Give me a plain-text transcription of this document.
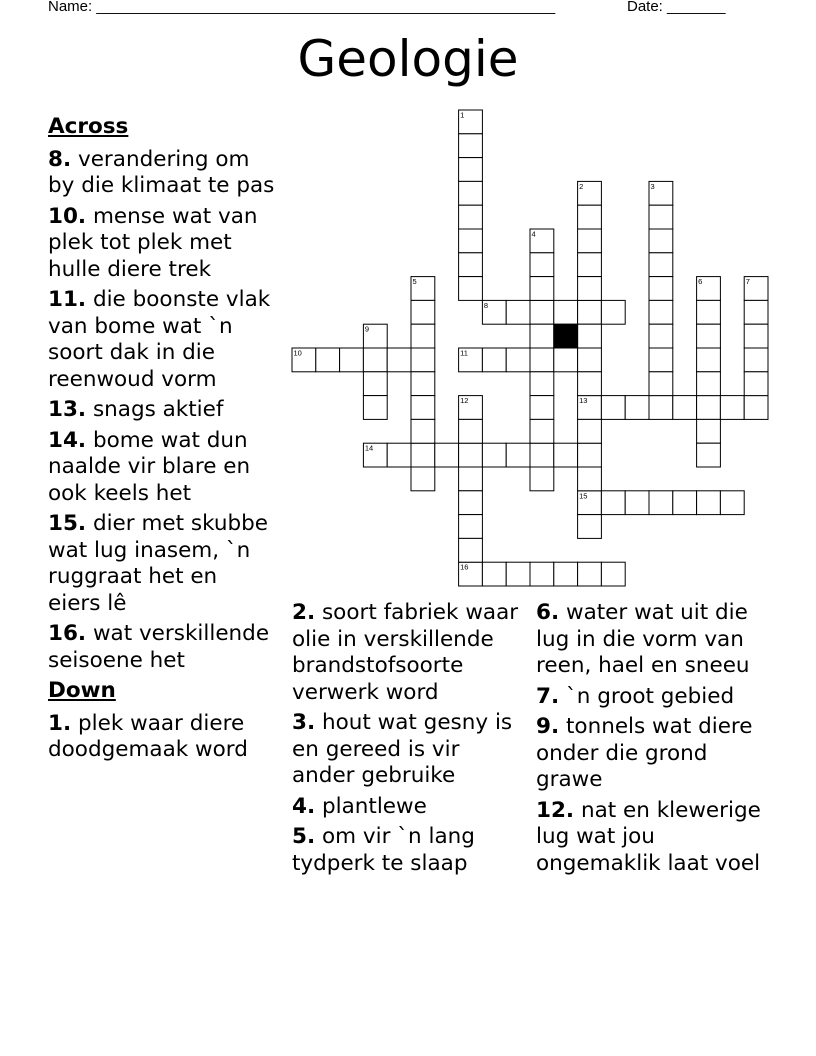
Name: _______________________________________________________	Date: _______
Geologie
1
2	3
4
5	6	7
8
9
10	11
12	13
14
15
16
Across
8. verandering om by die klimaat te pas
10. mense wat van plek tot plek met hulle diere trek
11. die boonste vlak van bome wat `n soort dak in die reenwoud vorm
13. snags aktief
14. bome wat dun naalde vir blare en ook keels het
15. dier met skubbe wat lug inasem, `n ruggraat het en eiers lê
16. wat verskillende seisoene het
Down
1. plek waar diere doodgemaak word
2. soort fabriek waar olie in verskillende brandstofsoorte verwerk word
3. hout wat gesny is en gereed is vir ander gebruike
4. plantlewe
5. om vir `n lang tydperk te slaap
6. water wat uit die lug in die vorm van reen, hael en sneeu
7. `n groot gebied
9. tonnels wat diere onder die grond grawe
12. nat en klewerige lug wat jou ongemaklik laat voel
